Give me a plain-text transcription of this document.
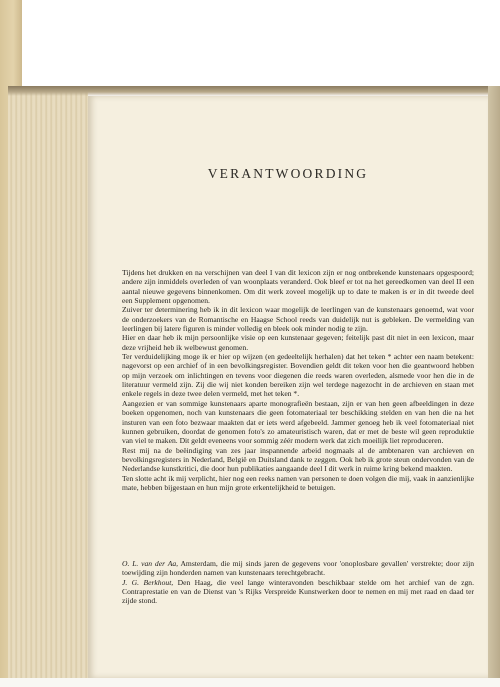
VERANTWOORDING

Tijdens het drukken en na verschijnen van deel I van dit lexicon zijn er nog ontbrekende kunstenaars opgespoord; andere zijn inmiddels overleden of van woonplaats veranderd. Ook bleef er tot na het gereedkomen van deel II een aantal nieuwe gegevens binnenkomen. Om dit werk zoveel mogelijk up to date te maken is er in dit tweede deel een Supplement opgenomen.

Zuiver ter determinering heb ik in dit lexicon waar mogelijk de leerlingen van de kunstenaars genoemd, wat voor de onderzoekers van de Romantische en Haagse School reeds van duidelijk nut is gebleken. De vermelding van leerlingen bij latere figuren is minder volledig en bleek ook minder nodig te zijn.

Hier en daar heb ik mijn persoonlijke visie op een kunstenaar gegeven; feitelijk past dit niet in een lexicon, maar deze vrijheid heb ik welbewust genomen.

Ter verduidelijking moge ik er hier op wijzen (en gedeeltelijk herhalen) dat het teken * achter een naam betekent: nagevorst op een archief of in een bevolkingsregister. Bovendien geldt dit teken voor hen die geantwoord hebben op mijn verzoek om inlichtingen en tevens voor diegenen die reeds waren overleden, alsmede voor hen die in de literatuur vermeld zijn. Zij die wij niet konden bereiken zijn wel terdege nagezocht in de archieven en staan met enkele regels in deze twee delen vermeld, met het teken *.

Aangezien er van sommige kunstenaars aparte monografieën bestaan, zijn er van hen geen afbeeldingen in deze boeken opgenomen, noch van kunstenaars die geen fotomateriaal ter beschikking stelden en van hen die na het insturen van een foto bezwaar maakten dat er iets werd afgebeeld. Jammer genoeg heb ik veel fotomateriaal niet kunnen gebruiken, doordat de genomen foto's zo amateuristisch waren, dat er met de beste wil geen reproduktie van viel te maken. Dit geldt eveneens voor sommig zéér modern werk dat zich moeilijk liet reproduceren.

Rest mij na de beëindiging van zes jaar inspannende arbeid nogmaals al de ambtenaren van archieven en bevolkingsregisters in Nederland, België en Duitsland dank te zeggen. Ook heb ik grote steun ondervonden van de Nederlandse kunstkritici, die door hun publikaties aangaande deel I dit werk in ruime kring bekend maakten.

Ten slotte acht ik mij verplicht, hier nog een reeks namen van personen te doen volgen die mij, vaak in aanzienlijke mate, hebben bijgestaan en hun mijn grote erkentelijkheid te betuigen.

O. L. van der Aa, Amsterdam, die mij sinds jaren de gegevens voor 'onoplosbare gevallen' verstrekte; door zijn toewijding zijn honderden namen van kunstenaars terechtgebracht.

J. G. Berkhout, Den Haag, die veel lange winteravonden beschikbaar stelde om het archief van de zgn. Contraprestatie en van de Dienst van 's Rijks Verspreide Kunstwerken door te nemen en mij met raad en daad ter zijde stond.
